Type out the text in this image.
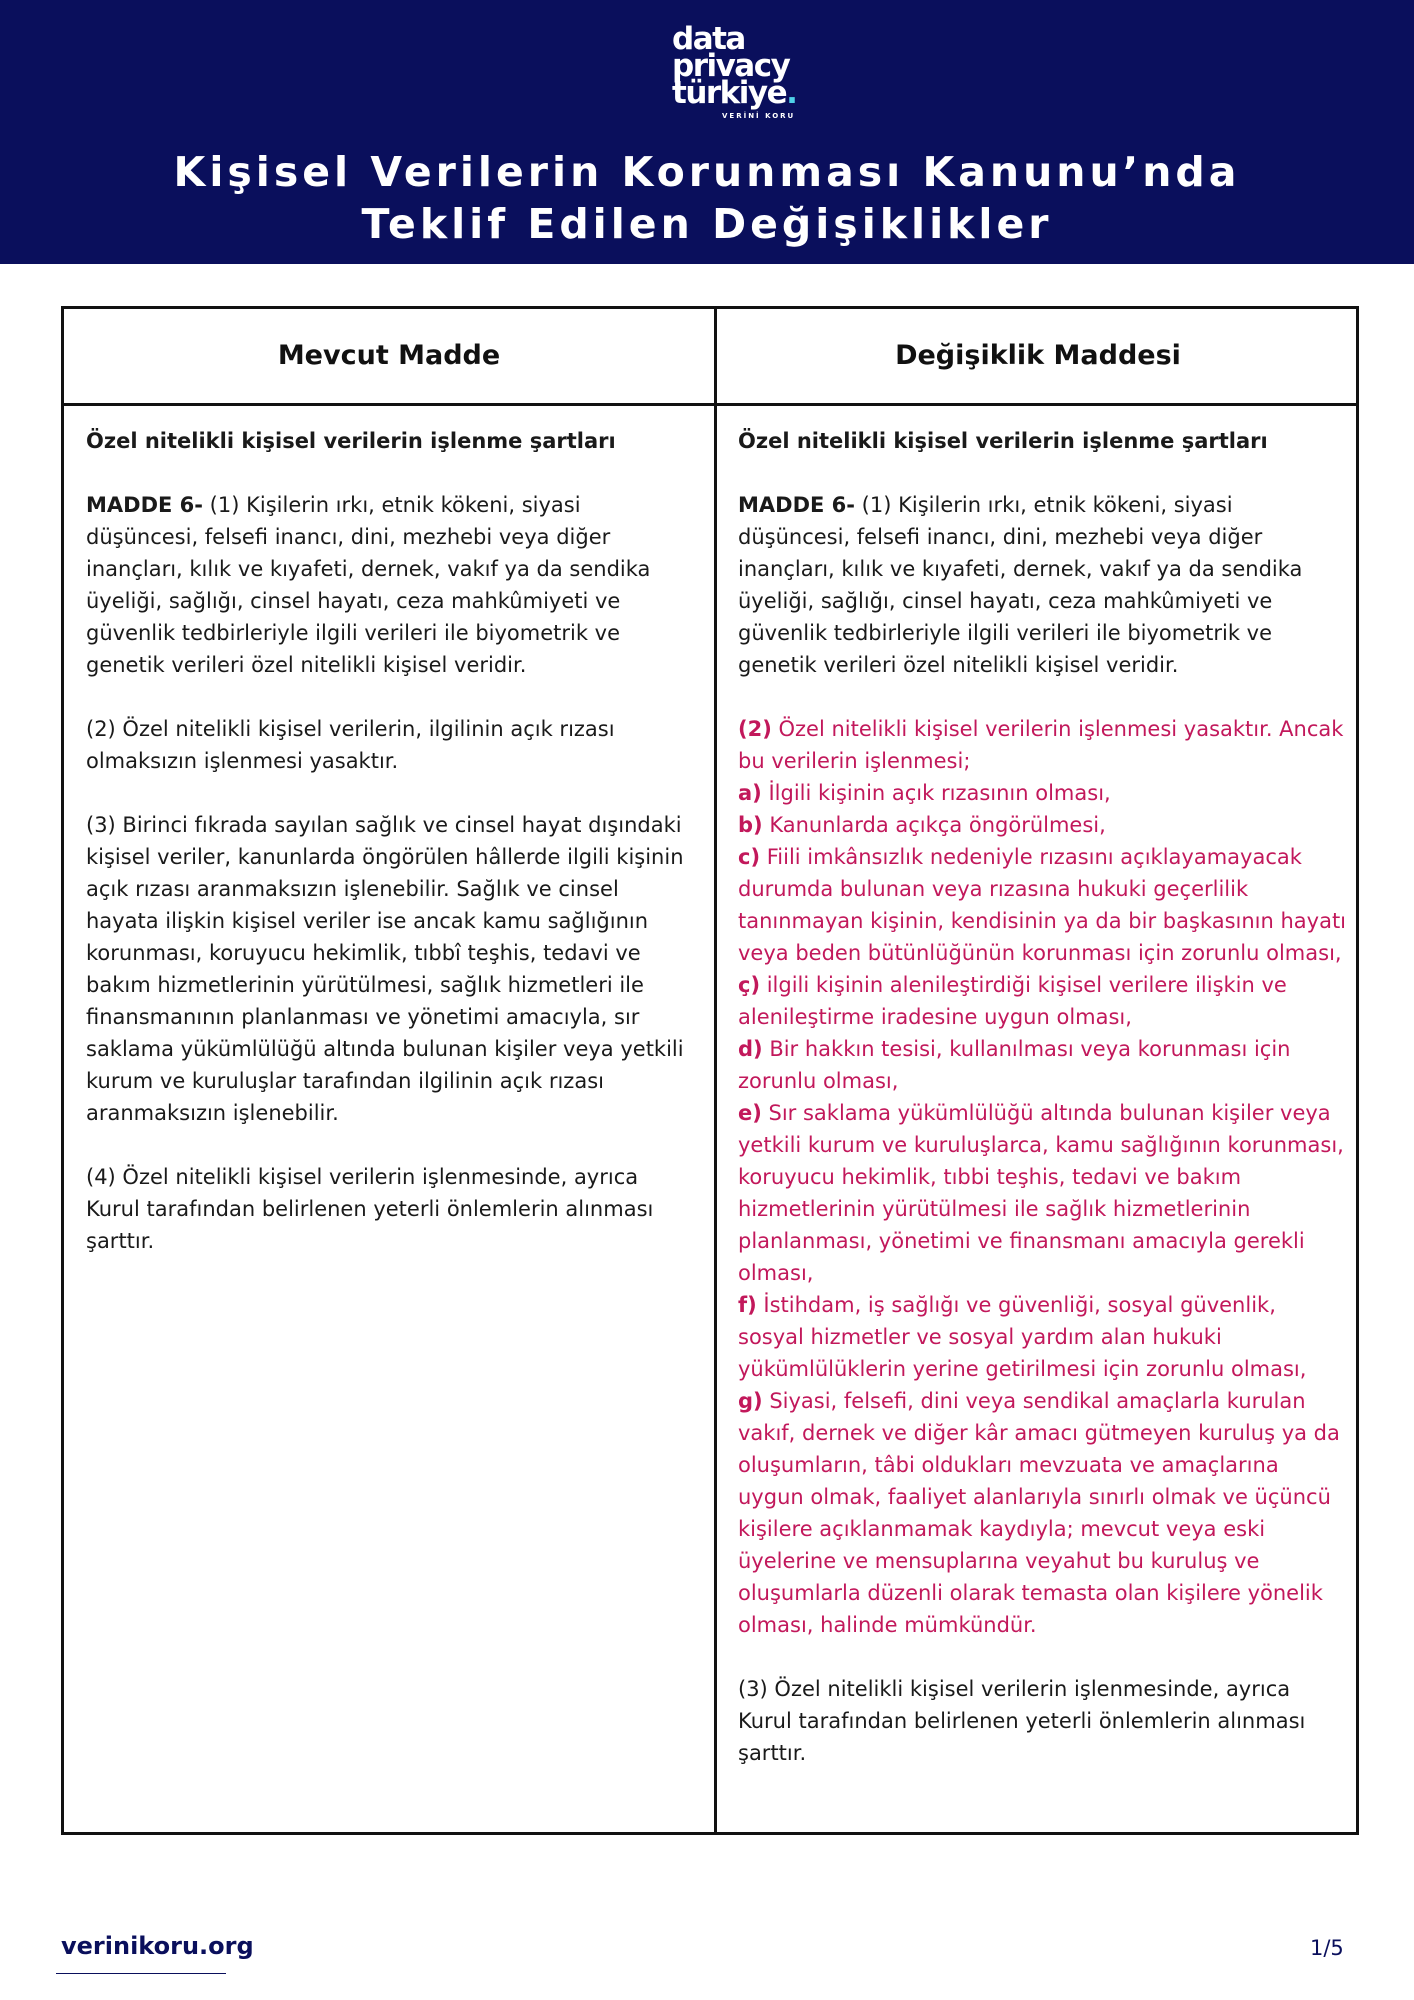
data
privacy
türkiye.
VERİNİ KORU
Kişisel Verilerin Korunması Kanunu’nda
Teklif Edilen Değişiklikler
Mevcut Madde	Değişiklik Maddesi

Özel nitelikli kişisel verilerin işlenme şartları

MADDE 6- (1) Kişilerin ırkı, etnik kökeni, siyasi düşüncesi, felsefi inancı, dini, mezhebi veya diğer inançları, kılık ve kıyafeti, dernek, vakıf ya da sendika üyeliği, sağlığı, cinsel hayatı, ceza mahkûmiyeti ve güvenlik tedbirleriyle ilgili verileri ile biyometrik ve genetik verileri özel nitelikli kişisel veridir.

(2) Özel nitelikli kişisel verilerin, ilgilinin açık rızası olmaksızın işlenmesi yasaktır.

(3) Birinci fıkrada sayılan sağlık ve cinsel hayat dışındaki kişisel veriler, kanunlarda öngörülen hâllerde ilgili kişinin açık rızası aranmaksızın işlenebilir. Sağlık ve cinsel hayata ilişkin kişisel veriler ise ancak kamu sağlığının korunması, koruyucu hekimlik, tıbbî teşhis, tedavi ve bakım hizmetlerinin yürütülmesi, sağlık hizmetleri ile finansmanının planlanması ve yönetimi amacıyla, sır saklama yükümlülüğü altında bulunan kişiler veya yetkili kurum ve kuruluşlar tarafından ilgilinin açık rızası aranmaksızın işlenebilir.

(4) Özel nitelikli kişisel verilerin işlenmesinde, ayrıca Kurul tarafından belirlenen yeterli önlemlerin alınması şarttır.

Özel nitelikli kişisel verilerin işlenme şartları

MADDE 6- (1) Kişilerin ırkı, etnik kökeni, siyasi düşüncesi, felsefi inancı, dini, mezhebi veya diğer inançları, kılık ve kıyafeti, dernek, vakıf ya da sendika üyeliği, sağlığı, cinsel hayatı, ceza mahkûmiyeti ve güvenlik tedbirleriyle ilgili verileri ile biyometrik ve genetik verileri özel nitelikli kişisel veridir.

(2) Özel nitelikli kişisel verilerin işlenmesi yasaktır. Ancak bu verilerin işlenmesi;
a) İlgili kişinin açık rızasının olması,
b) Kanunlarda açıkça öngörülmesi,
c) Fiili imkânsızlık nedeniyle rızasını açıklayamayacak durumda bulunan veya rızasına hukuki geçerlilik tanınmayan kişinin, kendisinin ya da bir başkasının hayatı veya beden bütünlüğünün korunması için zorunlu olması,
ç) ilgili kişinin alenileştirdiği kişisel verilere ilişkin ve alenileştirme iradesine uygun olması,
d) Bir hakkın tesisi, kullanılması veya korunması için zorunlu olması,
e) Sır saklama yükümlülüğü altında bulunan kişiler veya yetkili kurum ve kuruluşlarca, kamu sağlığının korunması, koruyucu hekimlik, tıbbi teşhis, tedavi ve bakım hizmetlerinin yürütülmesi ile sağlık hizmetlerinin planlanması, yönetimi ve finansmanı amacıyla gerekli olması,
f) İstihdam, iş sağlığı ve güvenliği, sosyal güvenlik, sosyal hizmetler ve sosyal yardım alan hukuki yükümlülüklerin yerine getirilmesi için zorunlu olması,
g) Siyasi, felsefi, dini veya sendikal amaçlarla kurulan vakıf, dernek ve diğer kâr amacı gütmeyen kuruluş ya da oluşumların, tâbi oldukları mevzuata ve amaçlarına uygun olmak, faaliyet alanlarıyla sınırlı olmak ve üçüncü kişilere açıklanmamak kaydıyla; mevcut veya eski üyelerine ve mensuplarına veyahut bu kuruluş ve oluşumlarla düzenli olarak temasta olan kişilere yönelik olması, halinde mümkündür.

(3) Özel nitelikli kişisel verilerin işlenmesinde, ayrıca Kurul tarafından belirlenen yeterli önlemlerin alınması şarttır.

verinikoru.org	1/5
